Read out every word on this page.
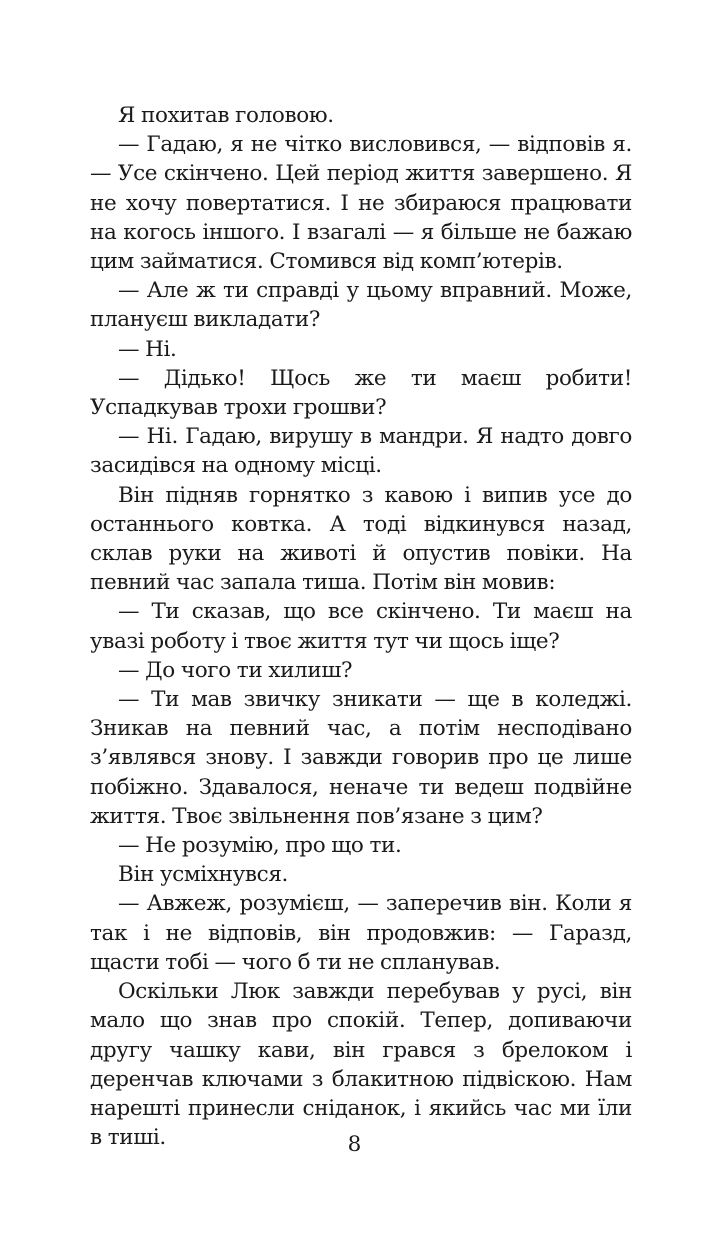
Я похитав головою.

— Гадаю, я не чітко висловився, — відповів я. — Усе скінчено. Цей період життя завершено. Я не хочу повертатися. І не збираюся працювати на когось іншого. І взагалі — я більше не бажаю цим займатися. Стомився від комп’ютерів.

— Але ж ти справді у цьому вправний. Може, плануєш викладати?

— Ні.

— Дідько! Щось же ти маєш робити! Успадкував трохи грошви?

— Ні. Гадаю, вирушу в мандри. Я надто довго засидівся на одному місці.

Він підняв горнятко з кавою і випив усе до останнього ковтка. А тоді відкинувся назад, склав руки на животі й опустив повіки. На певний час запала тиша. Потім він мовив:

— Ти сказав, що все скінчено. Ти маєш на увазі роботу і твоє життя тут чи щось іще?

— До чого ти хилиш?

— Ти мав звичку зникати — ще в коледжі. Зникав на певний час, а потім несподівано з’являвся знову. І завжди говорив про це лише побіжно. Здавалося, неначе ти ведеш подвійне життя. Твоє звільнення пов’язане з цим?

— Не розумію, про що ти.

Він усміхнувся.

— Авжеж, розумієш, — заперечив він. Коли я так і не відповів, він продовжив: — Гаразд, щасти тобі — чого б ти не спланував.

Оскільки Люк завжди перебував у русі, він мало що знав про спокій. Тепер, допиваючи другу чашку кави, він грався з брелоком і деренчав ключами з блакитною підвіскою. Нам нарешті принесли сніданок, і якийсь час ми їли в тиші.	8
